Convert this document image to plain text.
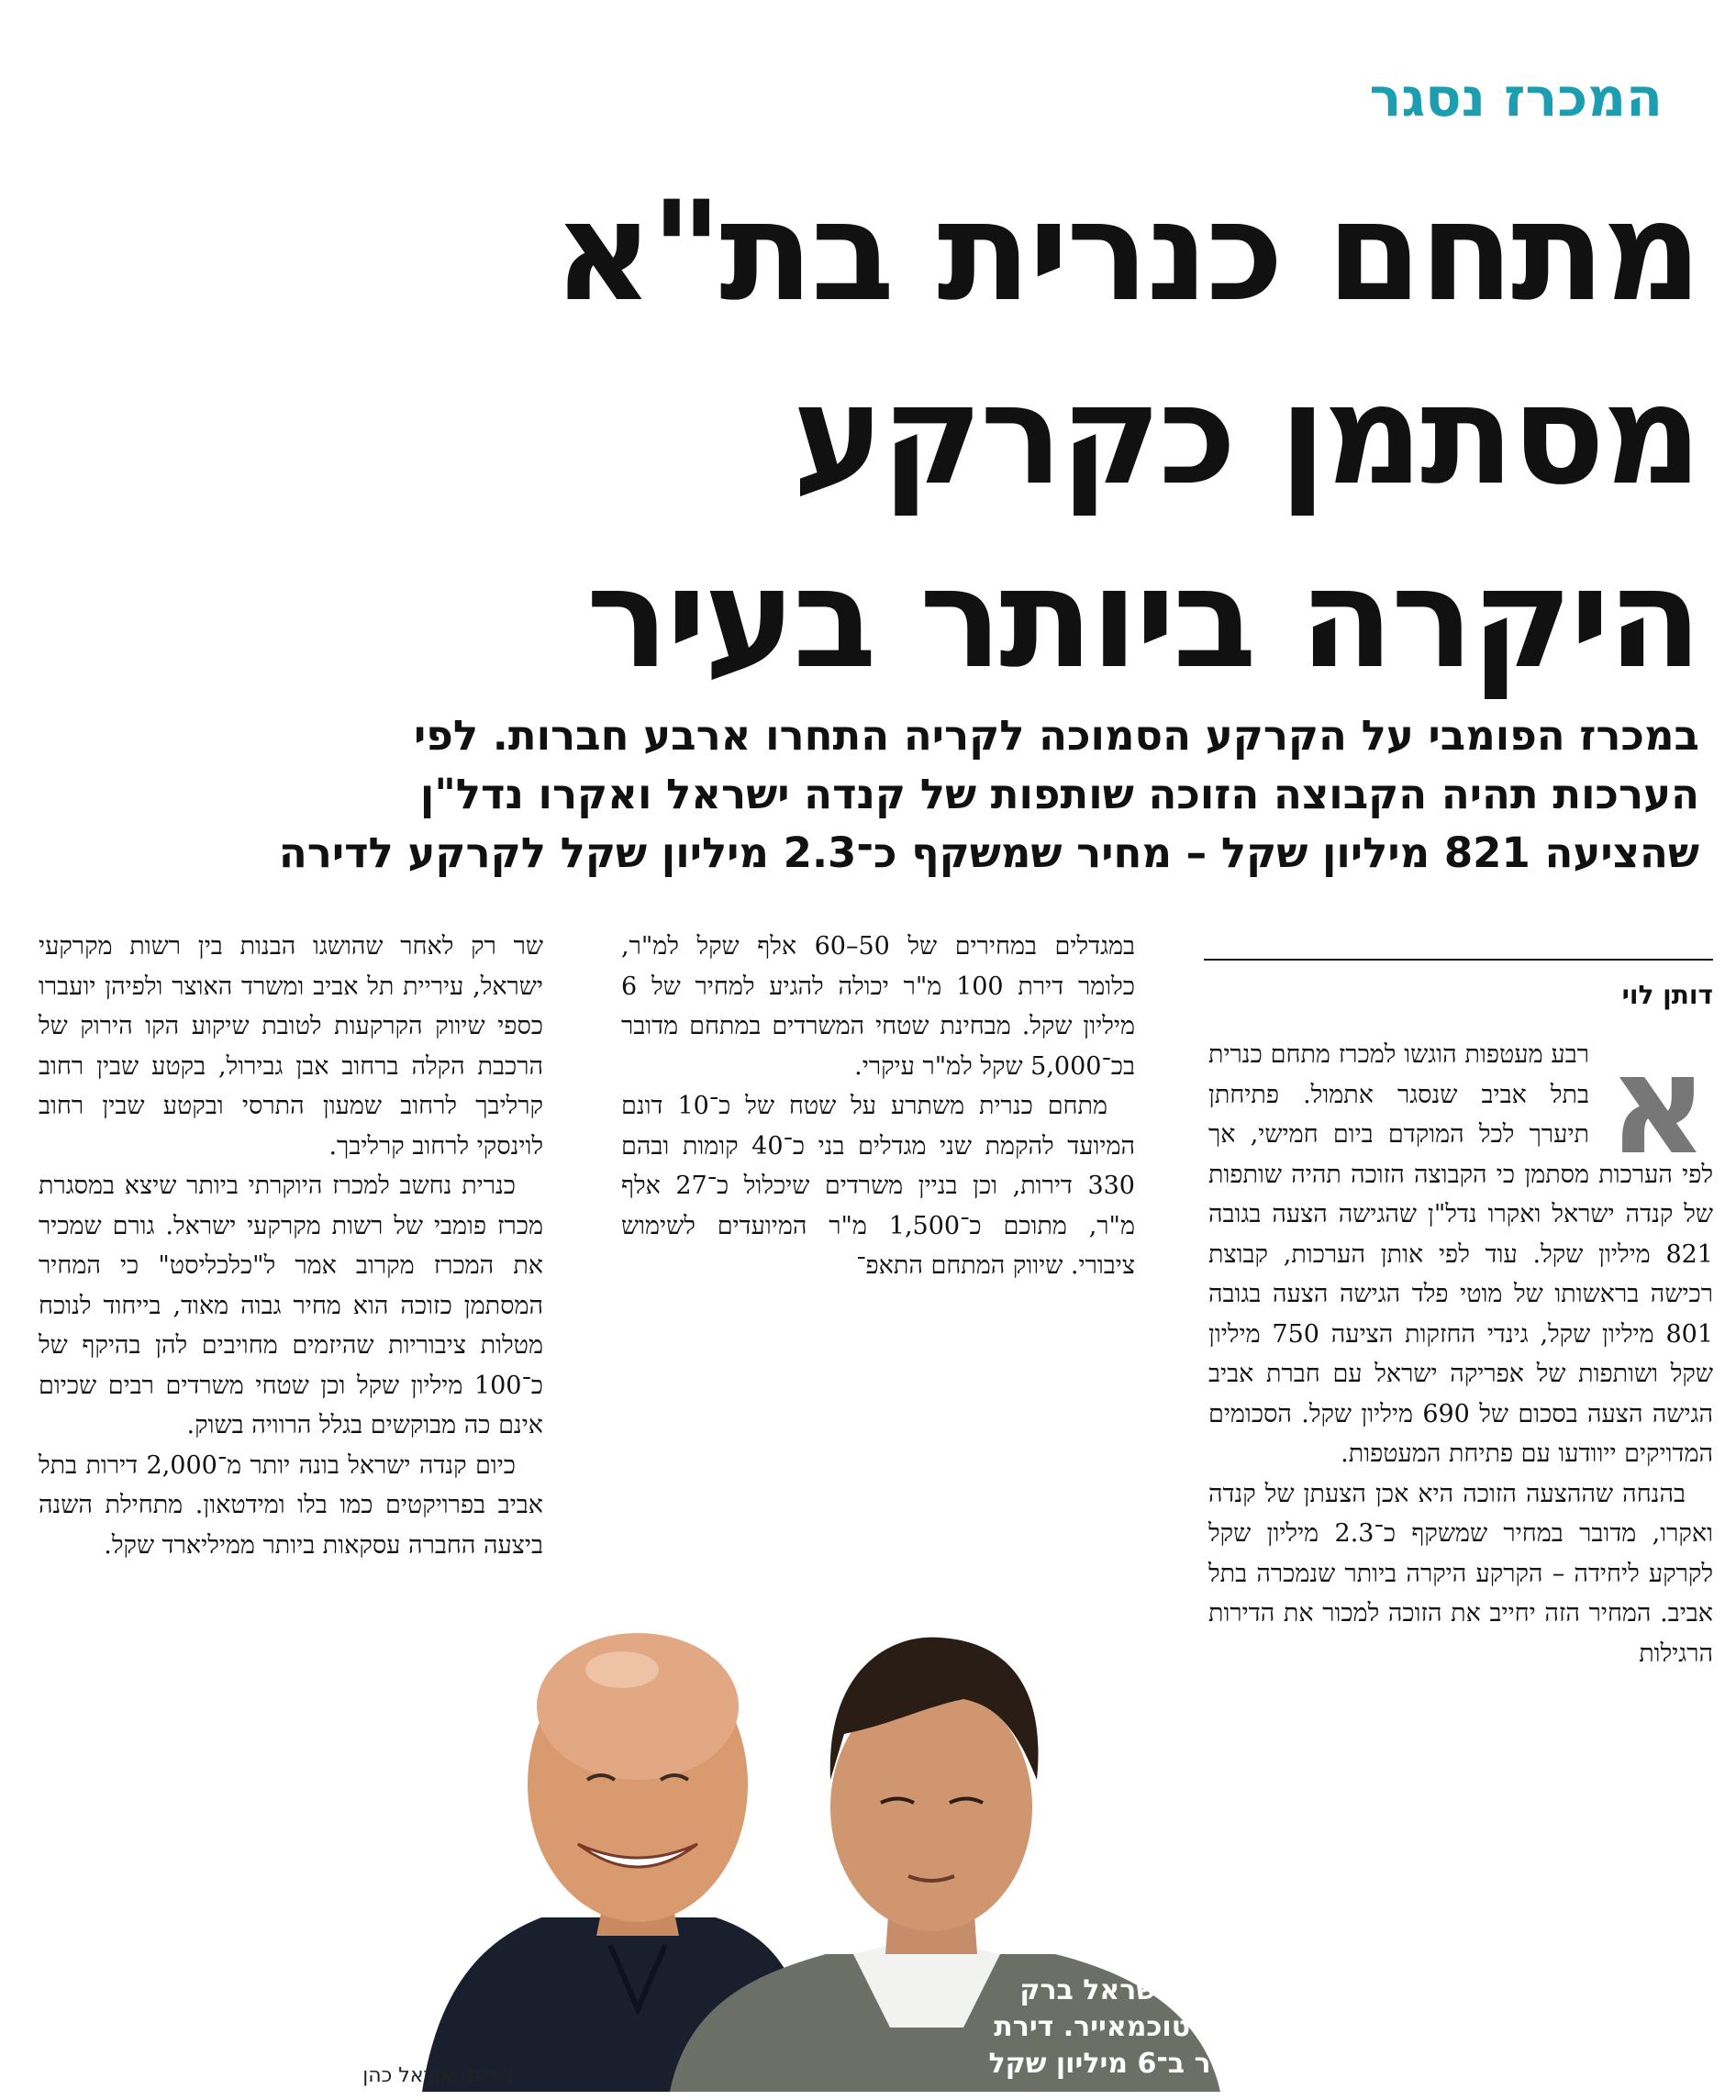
המכרז נסגר
מתחם כנרית בת"א
מסתמן כקרקע
היקרה ביותר בעיר
במכרז הפומבי על הקרקע הסמוכה לקריה התחרו ארבע חברות. לפי
הערכות תהיה הקבוצה הזוכה שותפות של קנדה ישראל ואקרו נדל"ן
שהציעה 821 מיליון שקל – מחיר שמשקף כ־2.3 מיליון שקל לקרקע לדירה
דותן לוי
א

רבע מעטפות הוגשו למכרז מתחם כנרית בתל אביב שנסגר אתמול. פתיחתן תיערך לכל המוקדם ביום חמישי, אך לפי הערכות מסתמן כי הקבוצה הזוכה תהיה שותפות של קנדה ישראל ואקרו נדל"ן שהגישה הצעה בגובה 821 מיליון שקל. עוד לפי אותן הערכות, קבוצת רכישה בראשותו של מוטי פלד הגישה הצעה בגובה 801 מיליון שקל, גינדי החזקות הציעה 750 מיליון שקל ושותפות של אפריקה ישראל עם חברת אביב הגישה הצעה בסכום של 690 מיליון שקל. הסכומים המדויקים ייוודעו עם פתיחת המעטפות.

בהנחה שההצעה הזוכה היא אכן הצעתן של קנדה ואקרו, מדובר במחיר שמשקף כ־2.3 מיליון שקל לקרקע ליחידה – הקרקע היקרה ביותר שנמכרה בתל אביב. המחיר הזה יחייב את הזוכה למכור את הדירות הרגילות

במגדלים במחירים של 50–60 אלף שקל למ"ר, כלומר דירת 100 מ"ר יכולה להגיע למחיר של 6 מיליון שקל. מבחינת שטחי המשרדים במתחם מדובר בכ־5,000 שקל למ"ר עיקרי.

מתחם כנרית משתרע על שטח של כ־10 דונם המיועד להקמת שני מגדלים בני כ־40 קומות ובהם 330 דירות, וכן בניין משרדים שיכלול כ־27 אלף מ"ר, מתוכם כ־1,500 מ"ר המיועדים לשימוש ציבורי. שיווק המתחם התאפ־

שר רק לאחר שהושגו הבנות בין רשות מקרקעי ישראל, עיריית תל אביב ומשרד האוצר ולפיהן יועברו כספי שיווק הקרקעות לטובת שיקוע הקו הירוק של הרכבת הקלה ברחוב אבן גבירול, בקטע שבין רחוב קרליבך לרחוב שמעון התרסי ובקטע שבין רחוב לוינסקי לרחוב קרליבך.

כנרית נחשב למכרז היוקרתי ביותר שיצא במסגרת מכרז פומבי של רשות מקרקעי ישראל. גורם שמכיר את המכרז מקרוב אמר ל"כלכליסט" כי המחיר המסתמן כזוכה הוא מחיר גבוה מאוד, בייחוד לנוכח מטלות ציבוריות שהיזמים מחויבים להן בהיקף של כ־100 מיליון שקל וכן שטחי משרדים רבים שכיום אינם כה מבוקשים בגלל הרוויה בשוק.

כיום קנדה ישראל בונה יותר מ־2,000 דירות בתל אביב בפרויקטים כמו בלו ומידטאון. מתחילת השנה ביצעה החברה עסקאות ביותר ממיליארד שקל.

בעלי קנדה ישראל ברק
רוזן ואסי טוכמאייר. דירת
100 מ"ר ב־6 מיליון שקל
צילום: אוראל כהן
